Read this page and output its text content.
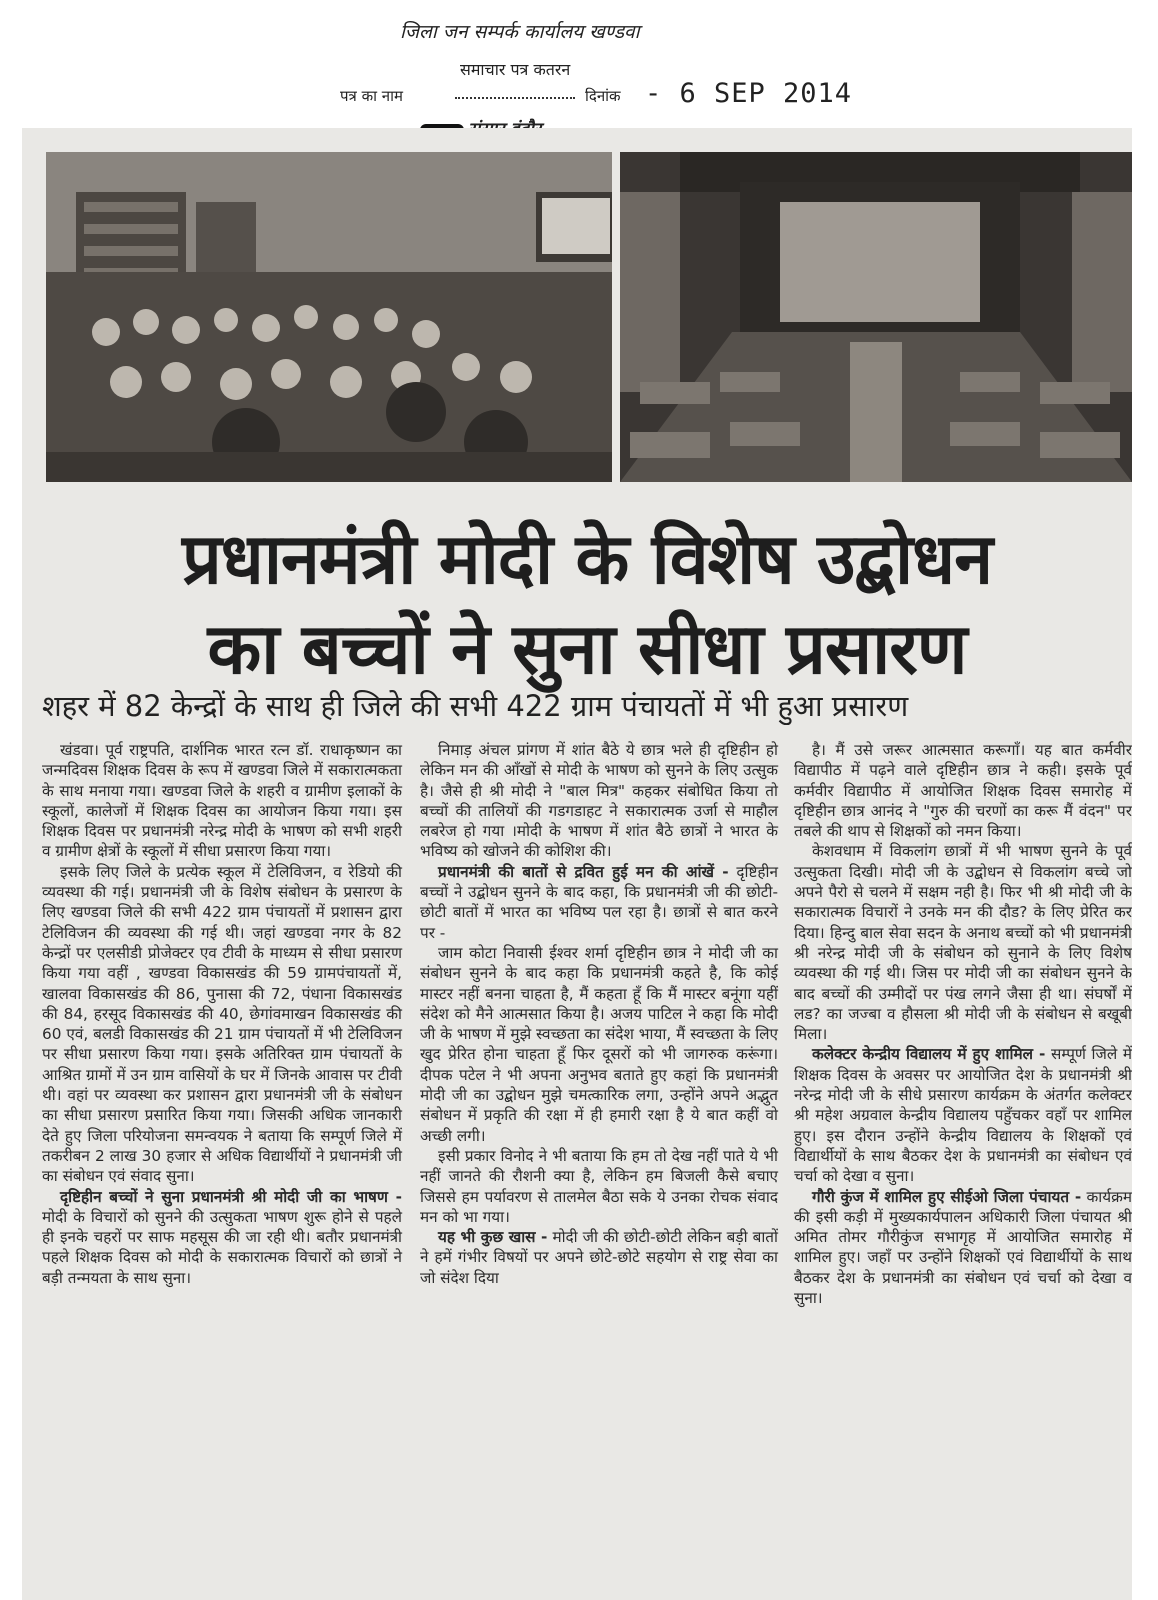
जिला जन सम्पर्क कार्यालय खण्डवा
समाचार पत्र कतरन
पत्र का नाम	दिनांक - 6 SEP 2014
प्रधानमंत्री मोदी के विशेष उद्बोधन
का बच्चों ने सुना सीधा प्रसारण
शहर में 82 केन्द्रों के साथ ही जिले की सभी 422 ग्राम पंचायतों में भी हुआ प्रसारण

खंडवा। पूर्व राष्ट्रपति, दार्शनिक भारत रत्न डॉ. राधाकृष्णन का जन्मदिवस शिक्षक दिवस के रूप में खण्डवा जिले में सकारात्मकता के साथ मनाया गया। खण्डवा जिले के शहरी व ग्रामीण इलाकों के स्कूलों, कालेजों में शिक्षक दिवस का आयोजन किया गया। इस शिक्षक दिवस पर प्रधानमंत्री नरेन्द्र मोदी के भाषण को सभी शहरी व ग्रामीण क्षेत्रों के स्कूलों में सीधा प्रसारण किया गया।

इसके लिए जिले के प्रत्येक स्कूल में टेलिविजन, व रेडियो की व्यवस्था की गई। प्रधानमंत्री जी के विशेष संबोधन के प्रसारण के लिए खण्डवा जिले की सभी 422 ग्राम पंचायतों में प्रशासन द्वारा टेलिविजन की व्यवस्था की गई थी। जहां खण्डवा नगर के 82 केन्द्रों पर एलसीडी प्रोजेक्टर एव टीवी के माध्यम से सीधा प्रसारण किया गया वहीं , खण्डवा विकासखंड की 59 ग्रामपंचायतों में, खालवा विकासखंड की 86, पुनासा की 72, पंधाना विकासखंड की 84, हरसूद विकासखंड की 40, छेगांवमाखन विकासखंड की 60 एवं, बलडी विकासखंड की 21 ग्राम पंचायतों में भी टेलिविजन पर सीधा प्रसारण किया गया। इसके अतिरिक्त ग्राम पंचायतों के आश्रित ग्रामों में उन ग्राम वासियों के घर में जिनके आवास पर टीवी थी। वहां पर व्यवस्था कर प्रशासन द्वारा प्रधानमंत्री जी के संबोधन का सीधा प्रसारण प्रसारित किया गया। जिसकी अधिक जानकारी देते हुए जिला परियोजना समन्वयक ने बताया कि सम्पूर्ण जिले में तकरीबन 2 लाख 30 हजार से अधिक विद्यार्थीयों ने प्रधानमंत्री जी का संबोधन एवं संवाद सुना।

दृष्टिहीन बच्चों ने सुना प्रधानमंत्री श्री मोदी जी का भाषण - मोदी के विचारों को सुनने की उत्सुकता भाषण शुरू होने से पहले ही इनके चहरों पर साफ महसूस की जा रही थी। बतौर प्रधानमंत्री पहले शिक्षक दिवस को मोदी के सकारात्मक विचारों को छात्रों ने बड़ी तन्मयता के साथ सुना।

निमाड़ अंचल प्रांगण में शांत बैठे ये छात्र भले ही दृष्टिहीन हो लेकिन मन की आँखों से मोदी के भाषण को सुनने के लिए उत्सुक है। जैसे ही श्री मोदी ने "बाल मित्र" कहकर संबोधित किया तो बच्चों की तालियों की गडगडाहट ने सकारात्मक उर्जा से माहौल लबरेज हो गया ।मोदी के भाषण में शांत बैठे छात्रों ने भारत के भविष्य को खोजने की कोशिश की।

प्रधानमंत्री की बातों से द्रवित हुई मन की आंखें - दृष्टिहीन बच्चों ने उद्बोधन सुनने के बाद कहा, कि प्रधानमंत्री जी की छोटी-छोटी बातों में भारत का भविष्य पल रहा है। छात्रों से बात करने पर -

जाम कोटा निवासी ईश्वर शर्मा दृष्टिहीन छात्र ने मोदी जी का संबोधन सुनने के बाद कहा कि प्रधानमंत्री कहते है, कि कोई मास्टर नहीं बनना चाहता है, मैं कहता हूँ कि मैं मास्टर बनूंगा यहीं संदेश को मैने आत्मसात किया है। अजय पाटिल ने कहा कि मोदी जी के भाषण में मुझे स्वच्छता का संदेश भाया, मैं स्वच्छता के लिए खुद प्रेरित होना चाहता हूँ फिर दूसरों को भी जागरुक करूंगा। दीपक पटेल ने भी अपना अनुभव बताते हुए कहां कि प्रधानमंत्री मोदी जी का उद्बोधन मुझे चमत्कारिक लगा, उन्होंने अपने अद्भुत संबोधन में प्रकृति की रक्षा में ही हमारी रक्षा है ये बात कहीं वो अच्छी लगी।

इसी प्रकार विनोद ने भी बताया कि हम तो देख नहीं पाते ये भी नहीं जानते की रौशनी क्या है, लेकिन हम बिजली कैसे बचाए जिससे हम पर्यावरण से तालमेल बैठा सके ये उनका रोचक संवाद मन को भा गया।

यह भी कुछ खास - मोदी जी की छोटी-छोटी लेकिन बड़ी बातों ने हमें गंभीर विषयों पर अपने छोटे-छोटे सहयोग से राष्ट्र सेवा का जो संदेश दिया

है। मैं उसे जरूर आत्मसात करूगाँ। यह बात कर्मवीर विद्यापीठ में पढ़ने वाले दृष्टिहीन छात्र ने कही। इसके पूर्व कर्मवीर विद्यापीठ में आयोजित शिक्षक दिवस समारोह में दृष्टिहीन छात्र आनंद ने "गुरु की चरणों का करू मैं वंदन" पर तबले की थाप से शिक्षकों को नमन किया।

केशवधाम में विकलांग छात्रों में भी भाषण सुनने के पूर्व उत्सुकता दिखी। मोदी जी के उद्बोधन से विकलांग बच्चे जो अपने पैरो से चलने में सक्षम नही है। फिर भी श्री मोदी जी के सकारात्मक विचारों ने उनके मन की दौड? के लिए प्रेरित कर दिया। हिन्दु बाल सेवा सदन के अनाथ बच्चों को भी प्रधानमंत्री श्री नरेन्द्र मोदी जी के संबोधन को सुनाने के लिए विशेष व्यवस्था की गई थी। जिस पर मोदी जी का संबोधन सुनने के बाद बच्चों की उम्मीदों पर पंख लगने जैसा ही था। संघर्षों में लड? का जज्बा व हौसला श्री मोदी जी के संबोधन से बखूबी मिला।

कलेक्टर केन्द्रीय विद्यालय में हुए शामिल - सम्पूर्ण जिले में शिक्षक दिवस के अवसर पर आयोजित देश के प्रधानमंत्री श्री नरेन्द्र मोदी जी के सीधे प्रसारण कार्यक्रम के अंतर्गत कलेक्टर श्री महेश अग्रवाल केन्द्रीय विद्यालय पहुँचकर वहाँ पर शामिल हुए। इस दौरान उन्होंने केन्द्रीय विद्यालय के शिक्षकों एवं विद्यार्थीयों के साथ बैठकर देश के प्रधानमंत्री का संबोधन एवं चर्चा को देखा व सुना।

गौरी कुंज में शामिल हुए सीईओ जिला पंचायत - कार्यक्रम की इसी कड़ी में मुख्यकार्यपालन अधिकारी जिला पंचायत श्री अमित तोमर गौरीकुंज सभागृह में आयोजित समारोह में शामिल हुए। जहाँ पर उन्होंने शिक्षकों एवं विद्यार्थीयों के साथ बैठकर देश के प्रधानमंत्री का संबोधन एवं चर्चा को देखा व सुना।
